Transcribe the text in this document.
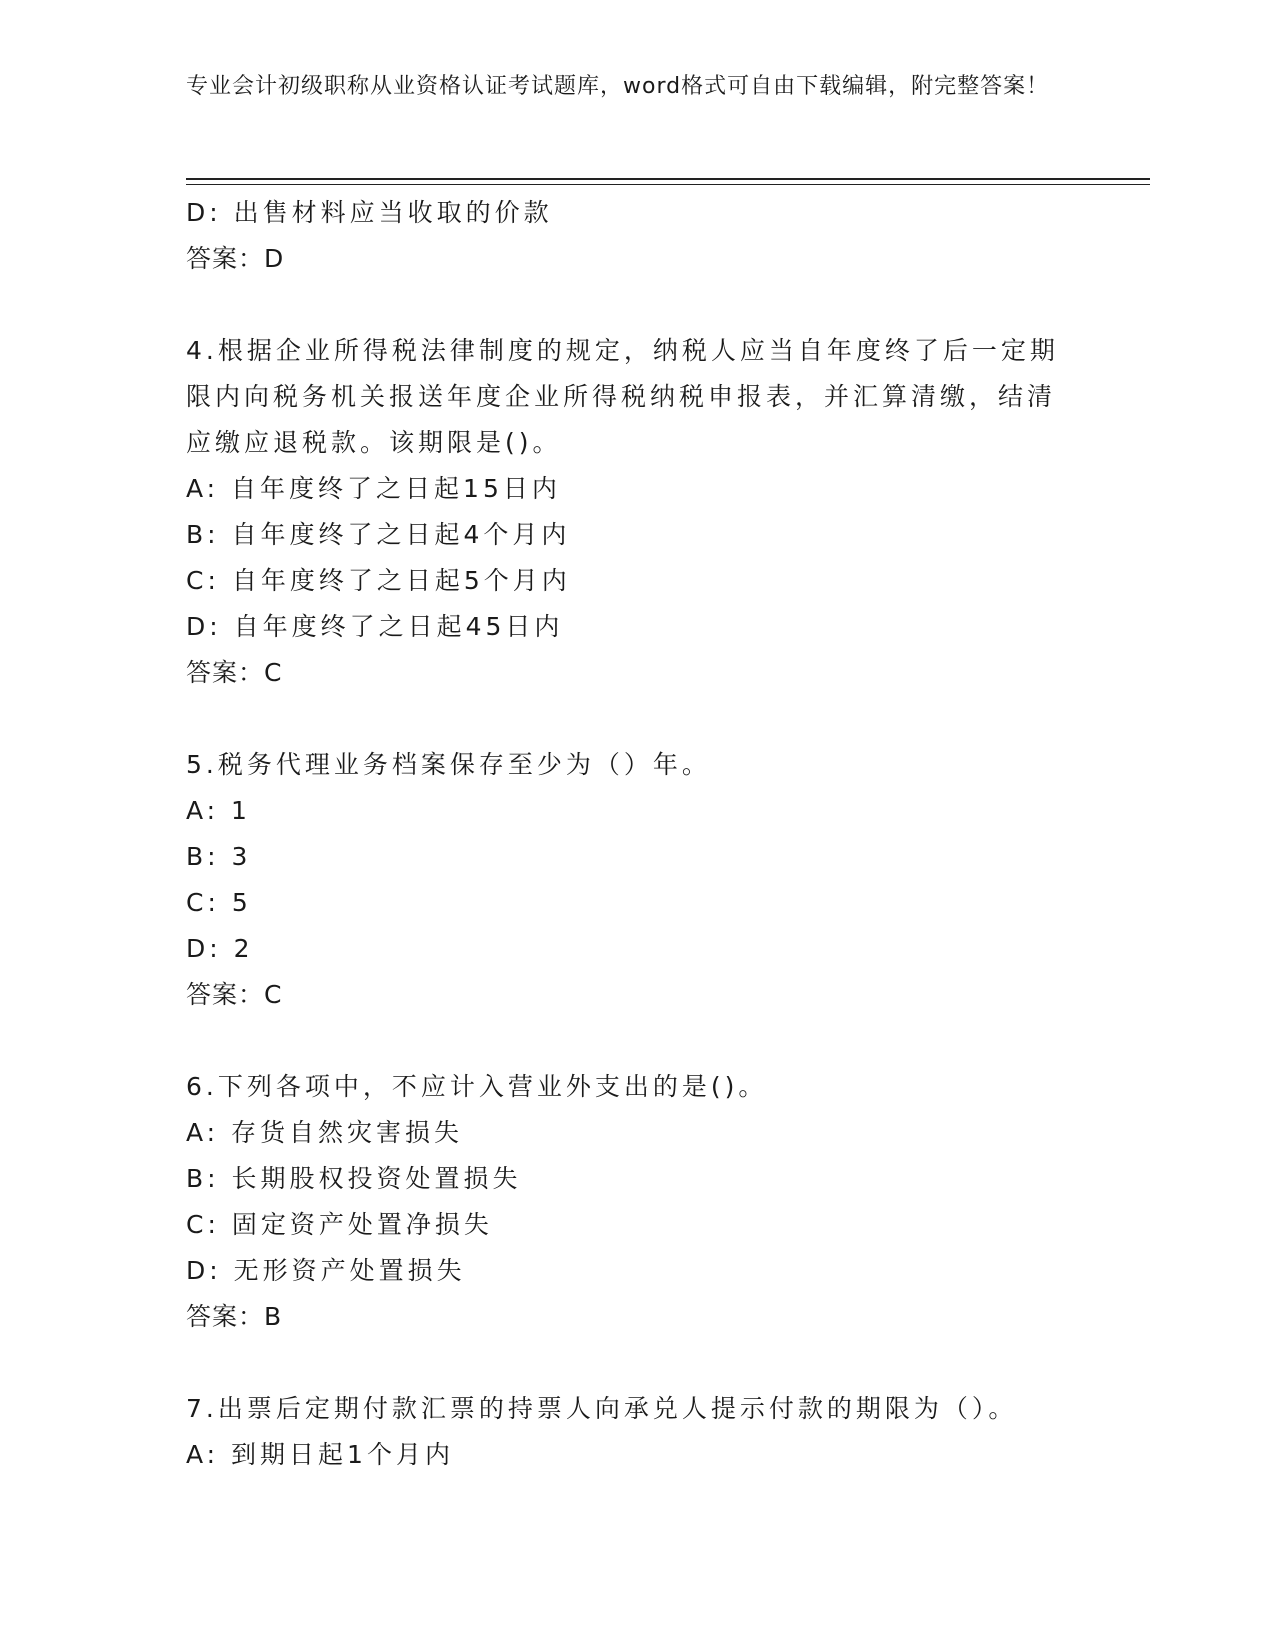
专业会计初级职称从业资格认证考试题库，word格式可自由下载编辑，附完整答案！
D: 出售材料应当收取的价款
答案：D
4.根据企业所得税法律制度的规定，纳税人应当自年度终了后一定期限内向税务机关报送年度企业所得税纳税申报表，并汇算清缴，结清应缴应退税款。该期限是()。
A: 自年度终了之日起15日内
B: 自年度终了之日起4个月内
C: 自年度终了之日起5个月内
D: 自年度终了之日起45日内
答案：C
5.税务代理业务档案保存至少为（）年。
A: 1
B: 3
C: 5
D: 2
答案：C
6.下列各项中，不应计入营业外支出的是()。
A: 存货自然灾害损失
B: 长期股权投资处置损失
C: 固定资产处置净损失
D: 无形资产处置损失
答案：B
7.出票后定期付款汇票的持票人向承兑人提示付款的期限为（）。
A: 到期日起1个月内
